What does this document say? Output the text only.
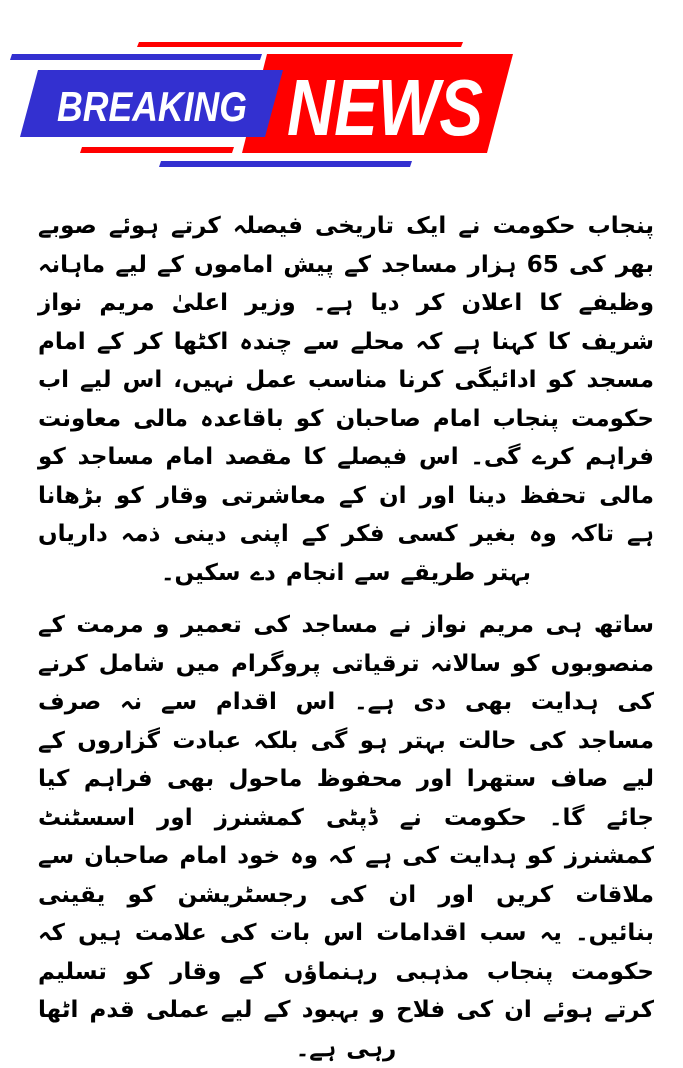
BREAKING NEWS

پنجاب حکومت نے ایک تاریخی فیصلہ کرتے ہوئے صوبے بھر کی 65 ہزار مساجد کے پیش اماموں کے لیے ماہانہ وظیفے کا اعلان کر دیا ہے۔ وزیر اعلیٰ مریم نواز شریف کا کہنا ہے کہ محلے سے چندہ اکٹھا کر کے امام مسجد کو ادائیگی کرنا مناسب عمل نہیں، اس لیے اب حکومت پنجاب امام صاحبان کو باقاعدہ مالی معاونت فراہم کرے گی۔ اس فیصلے کا مقصد امام مساجد کو مالی تحفظ دینا اور ان کے معاشرتی وقار کو بڑھانا ہے تاکہ وہ بغیر کسی فکر کے اپنی دینی ذمہ داریاں بہتر طریقے سے انجام دے سکیں۔

ساتھ ہی مریم نواز نے مساجد کی تعمیر و مرمت کے منصوبوں کو سالانہ ترقیاتی پروگرام میں شامل کرنے کی ہدایت بھی دی ہے۔ اس اقدام سے نہ صرف مساجد کی حالت بہتر ہو گی بلکہ عبادت گزاروں کے لیے صاف ستھرا اور محفوظ ماحول بھی فراہم کیا جائے گا۔ حکومت نے ڈپٹی کمشنرز اور اسسٹنٹ کمشنرز کو ہدایت کی ہے کہ وہ خود امام صاحبان سے ملاقات کریں اور ان کی رجسٹریشن کو یقینی بنائیں۔ یہ سب اقدامات اس بات کی علامت ہیں کہ حکومت پنجاب مذہبی رہنماؤں کے وقار کو تسلیم کرتے ہوئے ان کی فلاح و بہبود کے لیے عملی قدم اٹھا رہی ہے۔
